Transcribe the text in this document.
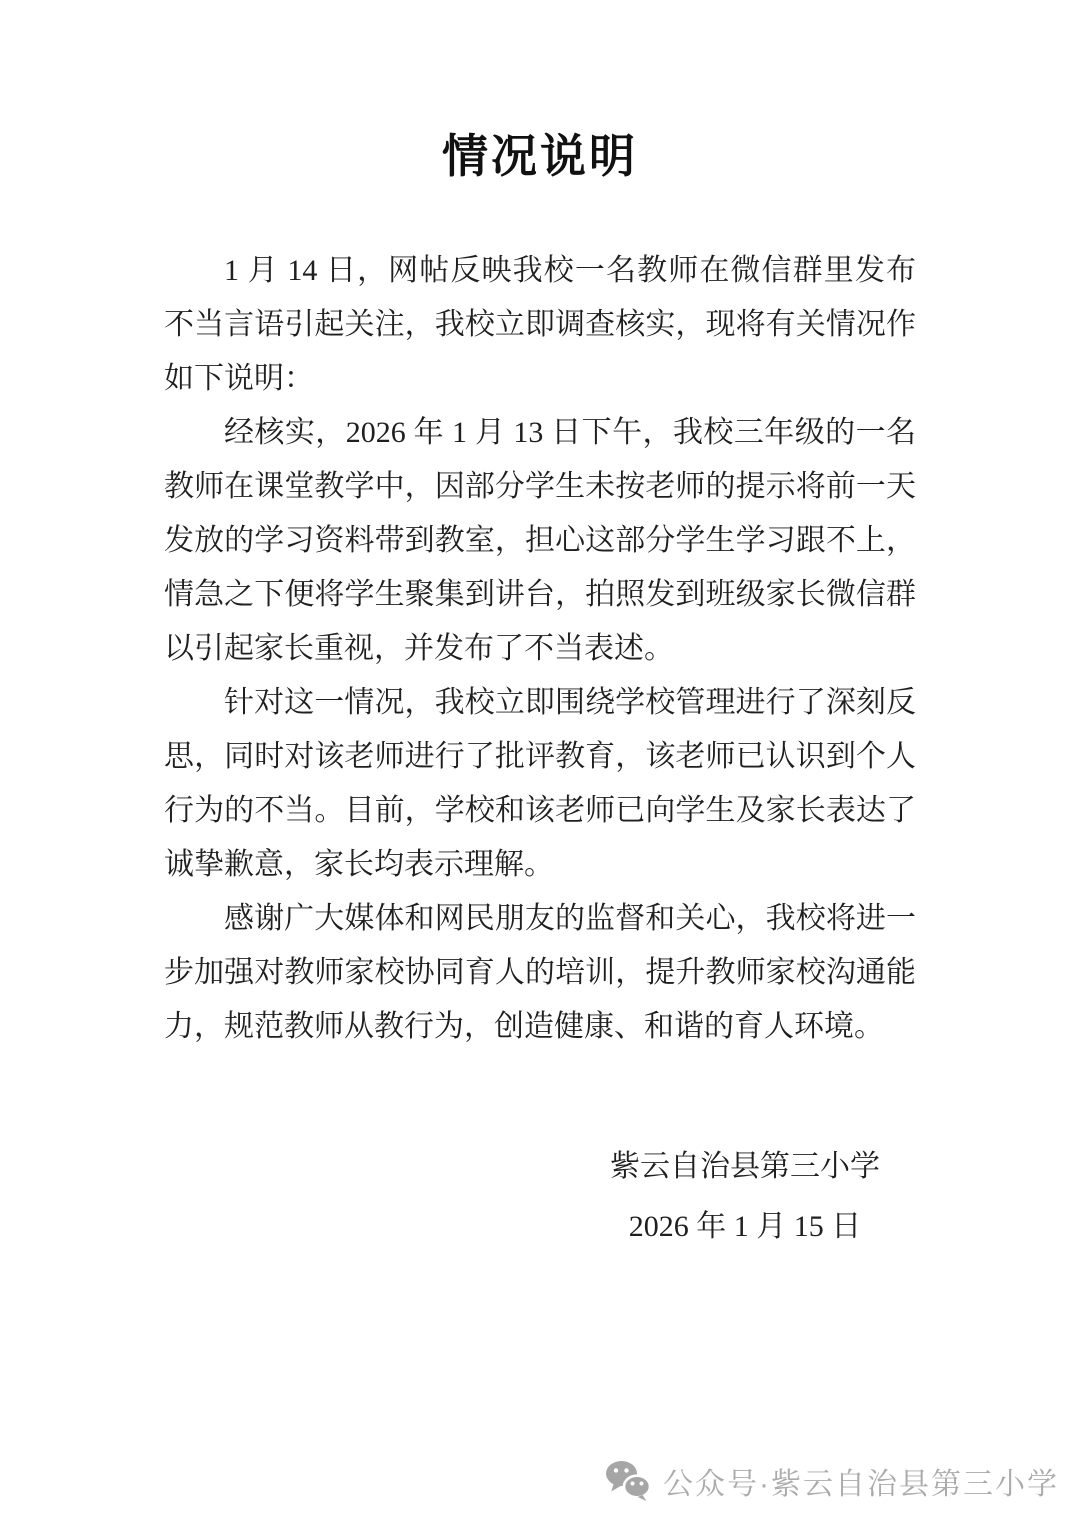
情况说明

1 月 14 日，网帖反映我校一名教师在微信群里发布不当言语引起关注，我校立即调查核实，现将有关情况作如下说明：

经核实，2026 年 1 月 13 日下午，我校三年级的一名教师在课堂教学中，因部分学生未按老师的提示将前一天发放的学习资料带到教室，担心这部分学生学习跟不上，情急之下便将学生聚集到讲台，拍照发到班级家长微信群以引起家长重视，并发布了不当表述。

针对这一情况，我校立即围绕学校管理进行了深刻反思，同时对该老师进行了批评教育，该老师已认识到个人行为的不当。目前，学校和该老师已向学生及家长表达了诚挚歉意，家长均表示理解。

感谢广大媒体和网民朋友的监督和关心，我校将进一步加强对教师家校协同育人的培训，提升教师家校沟通能力，规范教师从教行为，创造健康、和谐的育人环境。

紫云自治县第三小学
2026 年 1 月 15 日
公众号·紫云自治县第三小学
